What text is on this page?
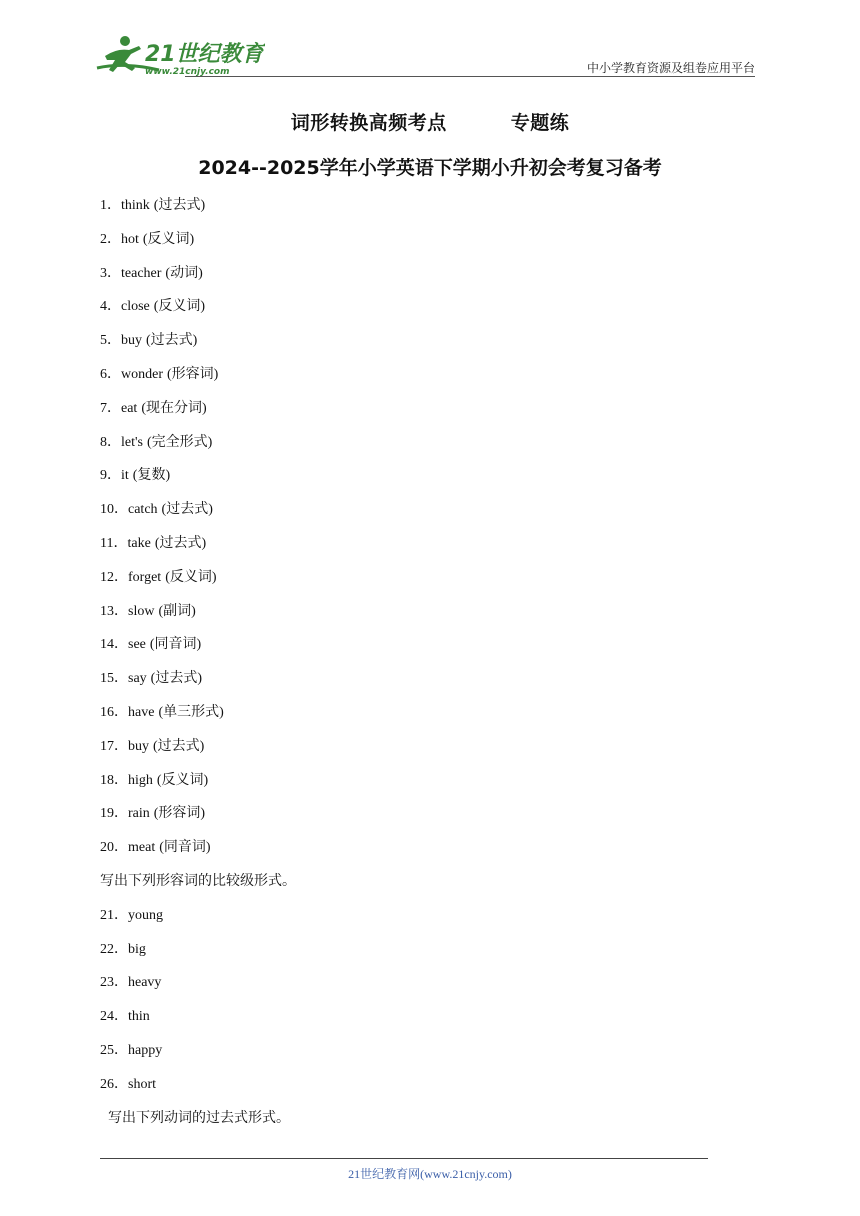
21世纪教育
www.21cnjy.com	中小学教育资源及组卷应用平台
词形转换高频考点         专题练
2024--2025学年小学英语下学期小升初会考复习备考
1．think (过去式)
2．hot (反义词)
3．teacher (动词)
4．close (反义词)
5．buy (过去式)
6．wonder (形容词)
7．eat (现在分词)
8．let's (完全形式)
9．it (复数)
10．catch (过去式)
11．take (过去式)
12．forget (反义词)
13．slow (副词)
14．see (同音词)
15．say (过去式)
16．have (单三形式)
17．buy (过去式)
18．high (反义词)
19．rain (形容词)
20．meat (同音词)
写出下列形容词的比较级形式。
21．young
22．big
23．heavy
24．thin
25．happy
26．short
写出下列动词的过去式形式。
21世纪教育网(www.21cnjy.com)
